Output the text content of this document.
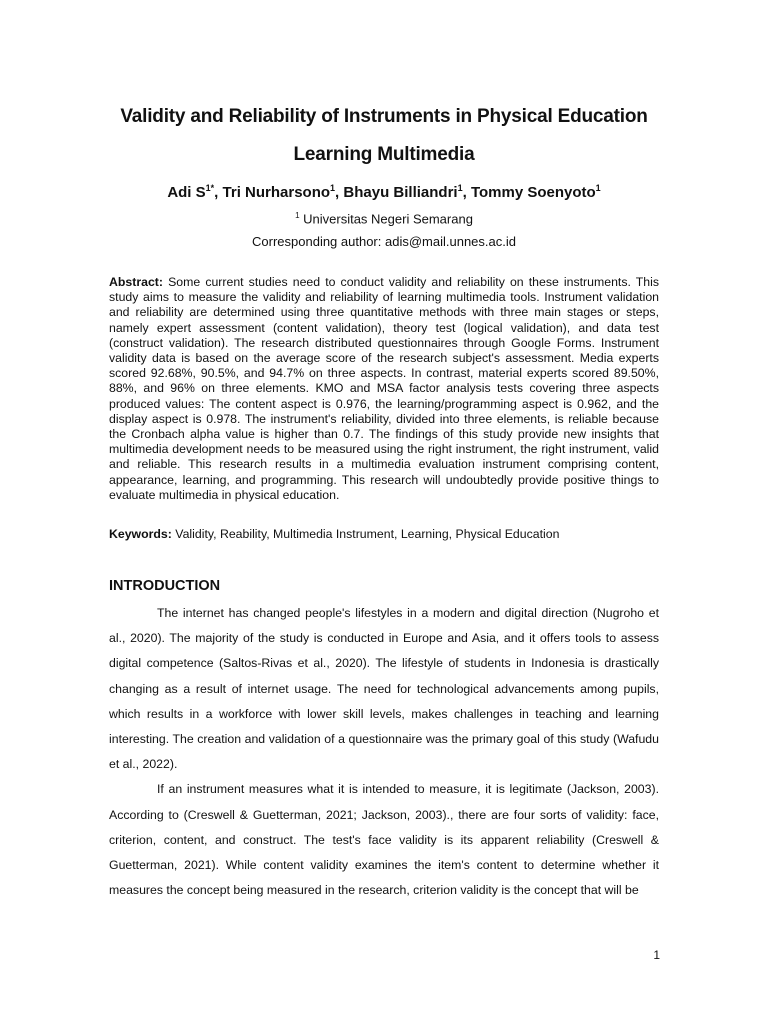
Validity and Reliability of Instruments in Physical Education
Learning Multimedia
Adi $S^{1*}$, Tri Nurharsono$^1$, Bhayu Billiandri$^1$, Tommy Soenyoto$^1$
$^1$ Universitas Negeri Semarang
Corresponding author: adis@mail.unnes.ac.id
Abstract: Some current studies need to conduct validity and reliability on these instruments. This study aims to measure the validity and reliability of learning multimedia tools. Instrument validation and reliability are determined using three quantitative methods with three main stages or steps, namely expert assessment (content validation), theory test (logical validation), and data test (construct validation). The research distributed questionnaires through Google Forms. Instrument validity data is based on the average score of the research subject's assessment. Media experts scored 92.68%, 90.5%, and 94.7% on three aspects. In contrast, material experts scored 89.50%, 88%, and 96% on three elements. KMO and MSA factor analysis tests covering three aspects produced values: The content aspect is 0.976, the learning/programming aspect is 0.962, and the display aspect is 0.978. The instrument's reliability, divided into three elements, is reliable because the Cronbach alpha value is higher than 0.7. The findings of this study provide new insights that multimedia development needs to be measured using the right instrument, the right instrument, valid and reliable. This research results in a multimedia evaluation instrument comprising content, appearance, learning, and programming. This research will undoubtedly provide positive things to evaluate multimedia in physical education.
Keywords: Validity, Reability, Multimedia Instrument, Learning, Physical Education
INTRODUCTION

The internet has changed people's lifestyles in a modern and digital direction (Nugroho et al., 2020). The majority of the study is conducted in Europe and Asia, and it offers tools to assess digital competence (Saltos-Rivas et al., 2020). The lifestyle of students in Indonesia is drastically changing as a result of internet usage. The need for technological advancements among pupils, which results in a workforce with lower skill levels, makes challenges in teaching and learning interesting. The creation and validation of a questionnaire was the primary goal of this study (Wafudu et al., 2022).

If an instrument measures what it is intended to measure, it is legitimate (Jackson, 2003). According to (Creswell & Guetterman, 2021; Jackson, 2003)., there are four sorts of validity: face, criterion, content, and construct. The test's face validity is its apparent reliability (Creswell & Guetterman, 2021). While content validity examines the item's content to determine whether it measures the concept being measured in the research, criterion validity is the concept that will be

1
